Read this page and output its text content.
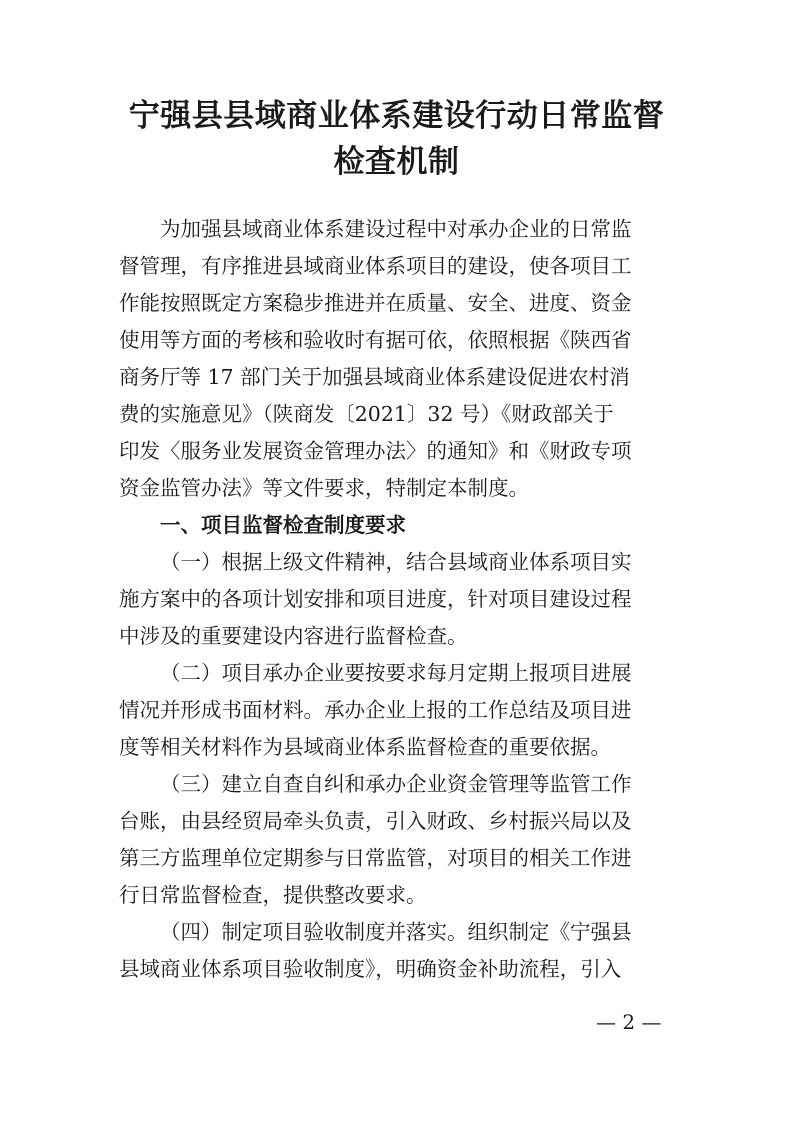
宁强县县域商业体系建设行动日常监督
检查机制
为加强县域商业体系建设过程中对承办企业的日常监
督管理，有序推进县域商业体系项目的建设，使各项目工
作能按照既定方案稳步推进并在质量、安全、进度、资金
使用等方面的考核和验收时有据可依，依照根据《陕西省
商务厅等 17 部门关于加强县域商业体系建设促进农村消
费的实施意见》（陕商发〔2021〕32 号）《财政部关于
印发〈服务业发展资金管理办法〉的通知》和《财政专项
资金监管办法》等文件要求，特制定本制度。
一、项目监督检查制度要求
（一）根据上级文件精神，结合县域商业体系项目实
施方案中的各项计划安排和项目进度，针对项目建设过程
中涉及的重要建设内容进行监督检查。
（二）项目承办企业要按要求每月定期上报项目进展
情况并形成书面材料。承办企业上报的工作总结及项目进
度等相关材料作为县域商业体系监督检查的重要依据。
（三）建立自查自纠和承办企业资金管理等监管工作
台账，由县经贸局牵头负责，引入财政、乡村振兴局以及
第三方监理单位定期参与日常监管，对项目的相关工作进
行日常监督检查，提供整改要求。
（四）制定项目验收制度并落实。组织制定《宁强县
县域商业体系项目验收制度》，明确资金补助流程，引入
— 2 —
